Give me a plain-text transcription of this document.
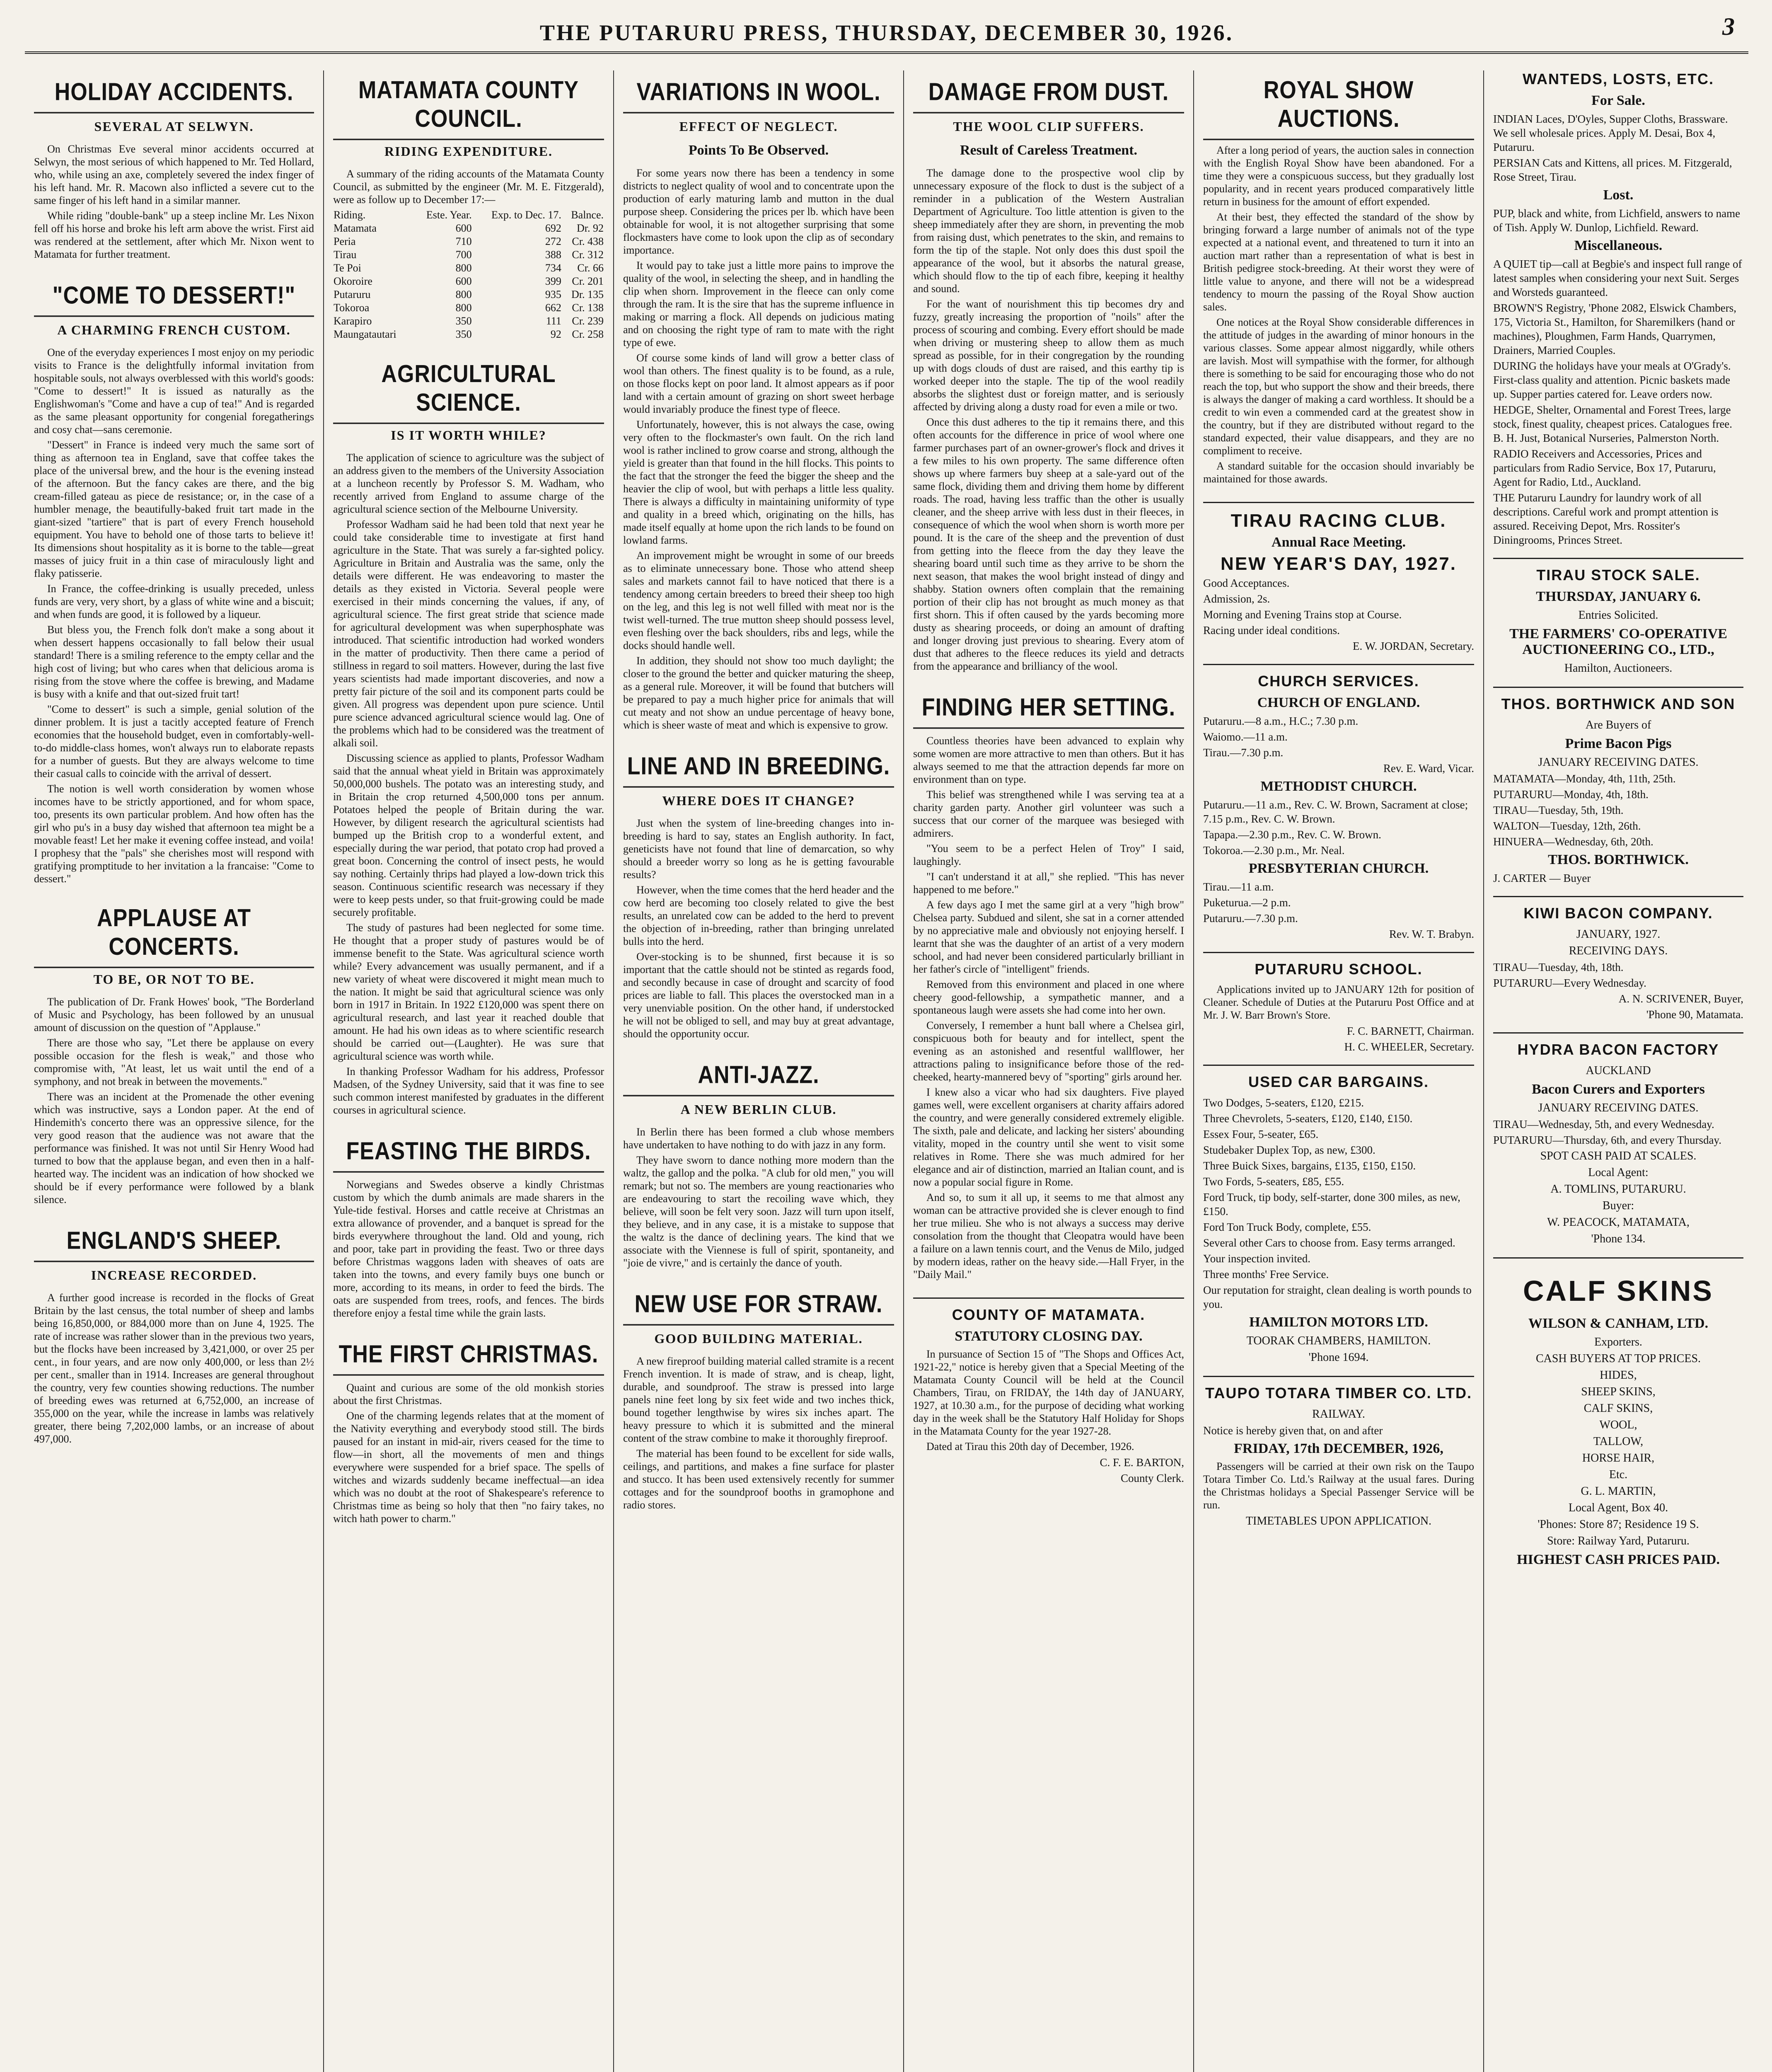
THE PUTARURU PRESS, THURSDAY, DECEMBER 30, 1926.	3
HOLIDAY ACCIDENTS.
SEVERAL AT SELWYN.

On Christmas Eve several minor accidents occurred at Selwyn, the most serious of which happened to Mr. Ted Hollard, who, while using an axe, completely severed the index finger of his left hand. Mr. R. Macown also inflicted a severe cut to the same finger of his left hand in a similar manner.

While riding "double-bank" up a steep incline Mr. Les Nixon fell off his horse and broke his left arm above the wrist. First aid was rendered at the settlement, after which Mr. Nixon went to Matamata for further treatment.

"COME TO DESSERT!"
A CHARMING FRENCH CUSTOM.

One of the everyday experiences I most enjoy on my periodic visits to France is the delightfully informal invitation from hospitable souls, not always overblessed with this world's goods: "Come to dessert!" It is issued as naturally as the Englishwoman's "Come and have a cup of tea!" And is regarded as the same pleasant opportunity for congenial foregatherings and cosy chat—sans ceremonie.

"Dessert" in France is indeed very much the same sort of thing as afternoon tea in England, save that coffee takes the place of the universal brew, and the hour is the evening instead of the afternoon. But the fancy cakes are there, and the big cream-filled gateau as piece de resistance; or, in the case of a humbler menage, the beautifully-baked fruit tart made in the giant-sized "tartiere" that is part of every French household equipment. You have to behold one of those tarts to believe it! Its dimensions shout hospitality as it is borne to the table—great masses of juicy fruit in a thin case of miraculously light and flaky patisserie.

In France, the coffee-drinking is usually preceded, unless funds are very, very short, by a glass of white wine and a biscuit; and when funds are good, it is followed by a liqueur.

But bless you, the French folk don't make a song about it when dessert happens occasionally to fall below their usual standard! There is a smiling reference to the empty cellar and the high cost of living; but who cares when that delicious aroma is rising from the stove where the coffee is brewing, and Madame is busy with a knife and that out-sized fruit tart!

"Come to dessert" is such a simple, genial solution of the dinner problem. It is just a tacitly accepted feature of French economies that the household budget, even in comfortably-well-to-do middle-class homes, won't always run to elaborate repasts for a number of guests. But they are always welcome to time their casual calls to coincide with the arrival of dessert.

The notion is well worth consideration by women whose incomes have to be strictly apportioned, and for whom space, too, presents its own particular problem. And how often has the girl who pu's in a busy day wished that afternoon tea might be a movable feast! Let her make it evening coffee instead, and voila! I prophesy that the "pals" she cherishes most will respond with gratifying promptitude to her invitation a la francaise: "Come to dessert."

APPLAUSE AT CONCERTS.
TO BE, OR NOT TO BE.

The publication of Dr. Frank Howes' book, "The Borderland of Music and Psychology, has been followed by an unusual amount of discussion on the question of "Applause."

There are those who say, "Let there be applause on every possible occasion for the flesh is weak," and those who compromise with, "At least, let us wait until the end of a symphony, and not break in between the movements."

There was an incident at the Promenade the other evening which was instructive, says a London paper. At the end of Hindemith's concerto there was an oppressive silence, for the very good reason that the audience was not aware that the performance was finished. It was not until Sir Henry Wood had turned to bow that the applause began, and even then in a half-hearted way. The incident was an indication of how shocked we should be if every performance were followed by a blank silence.

ENGLAND'S SHEEP.
INCREASE RECORDED.

A further good increase is recorded in the flocks of Great Britain by the last census, the total number of sheep and lambs being 16,850,000, or 884,000 more than on June 4, 1925. The rate of increase was rather slower than in the previous two years, but the flocks have been increased by 3,421,000, or over 25 per cent., in four years, and are now only 400,000, or less than 2½ per cent., smaller than in 1914. Increases are general throughout the country, very few counties showing reductions. The number of breeding ewes was returned at 6,752,000, an increase of 355,000 on the year, while the increase in lambs was relatively greater, there being 7,202,000 lambs, or an increase of about 497,000.

MATAMATA COUNTY COUNCIL.
RIDING EXPENDITURE.

A summary of the riding accounts of the Matamata County Council, as submitted by the engineer (Mr. M. E. Fitzgerald), were as follow up to December 17:—

Riding.	Este. Year.	Exp. to Dec. 17.	Balnce.
Matamata	600	692	Dr. 92
Peria	710	272	Cr. 438
Tirau	700	388	Cr. 312
Te Poi	800	734	Cr. 66
Okoroire	600	399	Cr. 201
Putaruru	800	935	Dr. 135
Tokoroa	800	662	Cr. 138
Karapiro	350	111	Cr. 239
Maungatautari	350	92	Cr. 258
AGRICULTURAL SCIENCE.
IS IT WORTH WHILE?

The application of science to agriculture was the subject of an address given to the members of the University Association at a luncheon recently by Professor S. M. Wadham, who recently arrived from England to assume charge of the agricultural science section of the Melbourne University.

Professor Wadham said he had been told that next year he could take considerable time to investigate at first hand agriculture in the State. That was surely a far-sighted policy. Agriculture in Britain and Australia was the same, only the details were different. He was endeavoring to master the details as they existed in Victoria. Several people were exercised in their minds concerning the values, if any, of agricultural science. The first great stride that science made for agricultural development was when superphosphate was introduced. That scientific introduction had worked wonders in the matter of productivity. Then there came a period of stillness in regard to soil matters. However, during the last five years scientists had made important discoveries, and now a pretty fair picture of the soil and its component parts could be given. All progress was dependent upon pure science. Until pure science advanced agricultural science would lag. One of the problems which had to be considered was the treatment of alkali soil.

Discussing science as applied to plants, Professor Wadham said that the annual wheat yield in Britain was approximately 50,000,000 bushels. The potato was an interesting study, and in Britain the crop returned 4,500,000 tons per annum. Potatoes helped the people of Britain during the war. However, by diligent research the agricultural scientists had bumped up the British crop to a wonderful extent, and especially during the war period, that potato crop had proved a great boon. Concerning the control of insect pests, he would say nothing. Certainly thrips had played a low-down trick this season. Continuous scientific research was necessary if they were to keep pests under, so that fruit-growing could be made securely profitable.

The study of pastures had been neglected for some time. He thought that a proper study of pastures would be of immense benefit to the State. Was agricultural science worth while? Every advancement was usually permanent, and if a new variety of wheat were discovered it might mean much to the nation. It might be said that agricultural science was only born in 1917 in Britain. In 1922 £120,000 was spent there on agricultural research, and last year it reached double that amount. He had his own ideas as to where scientific research should be carried out—(Laughter). He was sure that agricultural science was worth while.

In thanking Professor Wadham for his address, Professor Madsen, of the Sydney University, said that it was fine to see such common interest manifested by graduates in the different courses in agricultural science.

FEASTING THE BIRDS.

Norwegians and Swedes observe a kindly Christmas custom by which the dumb animals are made sharers in the Yule-tide festival. Horses and cattle receive at Christmas an extra allowance of provender, and a banquet is spread for the birds everywhere throughout the land. Old and young, rich and poor, take part in providing the feast. Two or three days before Christmas waggons laden with sheaves of oats are taken into the towns, and every family buys one bunch or more, according to its means, in order to feed the birds. The oats are suspended from trees, roofs, and fences. The birds therefore enjoy a festal time while the grain lasts.

THE FIRST CHRISTMAS.

Quaint and curious are some of the old monkish stories about the first Christmas.

One of the charming legends relates that at the moment of the Nativity everything and everybody stood still. The birds paused for an instant in mid-air, rivers ceased for the time to flow—in short, all the movements of men and things everywhere were suspended for a brief space. The spells of witches and wizards suddenly became ineffectual—an idea which was no doubt at the root of Shakespeare's reference to Christmas time as being so holy that then "no fairy takes, no witch hath power to charm."

VARIATIONS IN WOOL.
EFFECT OF NEGLECT.
Points To Be Observed.

For some years now there has been a tendency in some districts to neglect quality of wool and to concentrate upon the production of early maturing lamb and mutton in the dual purpose sheep. Considering the prices per lb. which have been obtainable for wool, it is not altogether surprising that some flockmasters have come to look upon the clip as of secondary importance.

It would pay to take just a little more pains to improve the quality of the wool, in selecting the sheep, and in handling the clip when shorn. Improvement in the fleece can only come through the ram. It is the sire that has the supreme influence in making or marring a flock. All depends on judicious mating and on choosing the right type of ram to mate with the right type of ewe.

Of course some kinds of land will grow a better class of wool than others. The finest quality is to be found, as a rule, on those flocks kept on poor land. It almost appears as if poor land with a certain amount of grazing on short sweet herbage would invariably produce the finest type of fleece.

Unfortunately, however, this is not always the case, owing very often to the flockmaster's own fault. On the rich land wool is rather inclined to grow coarse and strong, although the yield is greater than that found in the hill flocks. This points to the fact that the stronger the feed the bigger the sheep and the heavier the clip of wool, but with perhaps a little less quality. There is always a difficulty in maintaining uniformity of type and quality in a breed which, originating on the hills, has made itself equally at home upon the rich lands to be found on lowland farms.

An improvement might be wrought in some of our breeds as to eliminate unnecessary bone. Those who attend sheep sales and markets cannot fail to have noticed that there is a tendency among certain breeders to breed their sheep too high on the leg, and this leg is not well filled with meat nor is the twist well-turned. The true mutton sheep should possess level, even fleshing over the back shoulders, ribs and legs, while the docks should handle well.

In addition, they should not show too much daylight; the closer to the ground the better and quicker maturing the sheep, as a general rule. Moreover, it will be found that butchers will be prepared to pay a much higher price for animals that will cut meaty and not show an undue percentage of heavy bone, which is sheer waste of meat and which is expensive to grow.

LINE AND IN BREEDING.
WHERE DOES IT CHANGE?

Just when the system of line-breeding changes into in-breeding is hard to say, states an English authority. In fact, geneticists have not found that line of demarcation, so why should a breeder worry so long as he is getting favourable results?

However, when the time comes that the herd header and the cow herd are becoming too closely related to give the best results, an unrelated cow can be added to the herd to prevent the objection of in-breeding, rather than bringing unrelated bulls into the herd.

Over-stocking is to be shunned, first because it is so important that the cattle should not be stinted as regards food, and secondly because in case of drought and scarcity of food prices are liable to fall. This places the overstocked man in a very unenviable position. On the other hand, if understocked he will not be obliged to sell, and may buy at great advantage, should the opportunity occur.

ANTI-JAZZ.
A NEW BERLIN CLUB.

In Berlin there has been formed a club whose members have undertaken to have nothing to do with jazz in any form.

They have sworn to dance nothing more modern than the waltz, the gallop and the polka. "A club for old men," you will remark; but not so. The members are young reactionaries who are endeavouring to start the recoiling wave which, they believe, will soon be felt very soon. Jazz will turn upon itself, they believe, and in any case, it is a mistake to suppose that the waltz is the dance of declining years. The kind that we associate with the Viennese is full of spirit, spontaneity, and "joie de vivre," and is certainly the dance of youth.

NEW USE FOR STRAW.
GOOD BUILDING MATERIAL.

A new fireproof building material called stramite is a recent French invention. It is made of straw, and is cheap, light, durable, and soundproof. The straw is pressed into large panels nine feet long by six feet wide and two inches thick, bound together lengthwise by wires six inches apart. The heavy pressure to which it is submitted and the mineral content of the straw combine to make it thoroughly fireproof.

The material has been found to be excellent for side walls, ceilings, and partitions, and makes a fine surface for plaster and stucco. It has been used extensively recently for summer cottages and for the soundproof booths in gramophone and radio stores.

DAMAGE FROM DUST.
THE WOOL CLIP SUFFERS.
Result of Careless Treatment.

The damage done to the prospective wool clip by unnecessary exposure of the flock to dust is the subject of a reminder in a publication of the Western Australian Department of Agriculture. Too little attention is given to the sheep immediately after they are shorn, in preventing the mob from raising dust, which penetrates to the skin, and remains to form the tip of the staple. Not only does this dust spoil the appearance of the wool, but it absorbs the natural grease, which should flow to the tip of each fibre, keeping it healthy and sound.

For the want of nourishment this tip becomes dry and fuzzy, greatly increasing the proportion of "noils" after the process of scouring and combing. Every effort should be made when driving or mustering sheep to allow them as much spread as possible, for in their congregation by the rounding up with dogs clouds of dust are raised, and this earthy tip is worked deeper into the staple. The tip of the wool readily absorbs the slightest dust or foreign matter, and is seriously affected by driving along a dusty road for even a mile or two.

Once this dust adheres to the tip it remains there, and this often accounts for the difference in price of wool where one farmer purchases part of an owner-grower's flock and drives it a few miles to his own property. The same difference often shows up where farmers buy sheep at a sale-yard out of the same flock, dividing them and driving them home by different roads. The road, having less traffic than the other is usually cleaner, and the sheep arrive with less dust in their fleeces, in consequence of which the wool when shorn is worth more per pound. It is the care of the sheep and the prevention of dust from getting into the fleece from the day they leave the shearing board until such time as they arrive to be shorn the next season, that makes the wool bright instead of dingy and shabby. Station owners often complain that the remaining portion of their clip has not brought as much money as that first shorn. This if often caused by the yards becoming more dusty as shearing proceeds, or doing an amount of drafting and longer droving just previous to shearing. Every atom of dust that adheres to the fleece reduces its yield and detracts from the appearance and brilliancy of the wool.

FINDING HER SETTING.

Countless theories have been advanced to explain why some women are more attractive to men than others. But it has always seemed to me that the attraction depends far more on environment than on type.

This belief was strengthened while I was serving tea at a charity garden party. Another girl volunteer was such a success that our corner of the marquee was besieged with admirers.

"You seem to be a perfect Helen of Troy" I said, laughingly.

"I can't understand it at all," she replied. "This has never happened to me before."

A few days ago I met the same girl at a very "high brow" Chelsea party. Subdued and silent, she sat in a corner attended by no appreciative male and obviously not enjoying herself. I learnt that she was the daughter of an artist of a very modern school, and had never been considered particularly brilliant in her father's circle of "intelligent" friends.

Removed from this environment and placed in one where cheery good-fellowship, a sympathetic manner, and a spontaneous laugh were assets she had come into her own.

Conversely, I remember a hunt ball where a Chelsea girl, conspicuous both for beauty and for intellect, spent the evening as an astonished and resentful wallflower, her attractions paling to insignificance before those of the red-cheeked, hearty-mannered bevy of "sporting" girls around her.

I knew also a vicar who had six daughters. Five played games well, were excellent organisers at charity affairs adored the country, and were generally considered extremely eligible. The sixth, pale and delicate, and lacking her sisters' abounding vitality, moped in the country until she went to visit some relatives in Rome. There she was much admired for her elegance and air of distinction, married an Italian count, and is now a popular social figure in Rome.

And so, to sum it all up, it seems to me that almost any woman can be attractive provided she is clever enough to find her true milieu. She who is not always a success may derive consolation from the thought that Cleopatra would have been a failure on a lawn tennis court, and the Venus de Milo, judged by modern ideas, rather on the heavy side.—Hall Fryer, in the "Daily Mail."

COUNTY OF MATAMATA.
STATUTORY CLOSING DAY.

In pursuance of Section 15 of "The Shops and Offices Act, 1921-22," notice is hereby given that a Special Meeting of the Matamata County Council will be held at the Council Chambers, Tirau, on FRIDAY, the 14th day of JANUARY, 1927, at 10.30 a.m., for the purpose of deciding what working day in the week shall be the Statutory Half Holiday for Shops in the Matamata County for the year 1927-28.

Dated at Tirau this 20th day of December, 1926.

C. F. E. BARTON,
County Clerk.
ROYAL SHOW AUCTIONS.

After a long period of years, the auction sales in connection with the English Royal Show have been abandoned. For a time they were a conspicuous success, but they gradually lost popularity, and in recent years produced comparatively little return in business for the amount of effort expended.

At their best, they effected the standard of the show by bringing forward a large number of animals not of the type expected at a national event, and threatened to turn it into an auction mart rather than a representation of what is best in British pedigree stock-breeding. At their worst they were of little value to anyone, and there will not be a widespread tendency to mourn the passing of the Royal Show auction sales.

One notices at the Royal Show considerable differences in the attitude of judges in the awarding of minor honours in the various classes. Some appear almost niggardly, while others are lavish. Most will sympathise with the former, for although there is something to be said for encouraging those who do not reach the top, but who support the show and their breeds, there is always the danger of making a card worthless. It should be a credit to win even a commended card at the greatest show in the country, but if they are distributed without regard to the standard expected, their value disappears, and they are no compliment to receive.

A standard suitable for the occasion should invariably be maintained for those awards.

TIRAU RACING CLUB.
Annual Race Meeting.
NEW YEAR'S DAY, 1927.
Good Acceptances.
Admission, 2s.
Morning and Evening Trains stop at Course.
Racing under ideal conditions.
E. W. JORDAN, Secretary.
CHURCH SERVICES.
CHURCH OF ENGLAND.
Putaruru.—8 a.m., H.C.; 7.30 p.m.
Waiomo.—11 a.m.
Tirau.—7.30 p.m.
Rev. E. Ward, Vicar.
METHODIST CHURCH.
Putaruru.—11 a.m., Rev. C. W. Brown, Sacrament at close; 7.15 p.m., Rev. C. W. Brown.
Tapapa.—2.30 p.m., Rev. C. W. Brown.
Tokoroa.—2.30 p.m., Mr. Neal.
PRESBYTERIAN CHURCH.
Tirau.—11 a.m.
Puketurua.—2 p.m.
Putaruru.—7.30 p.m.
Rev. W. T. Brabyn.
PUTARURU SCHOOL.

Applications invited up to JANUARY 12th for position of Cleaner. Schedule of Duties at the Putaruru Post Office and at Mr. J. W. Barr Brown's Store.

F. C. BARNETT, Chairman.
H. C. WHEELER, Secretary.
USED CAR BARGAINS.
Two Dodges, 5-seaters, £120, £215.
Three Chevrolets, 5-seaters, £120, £140, £150.
Essex Four, 5-seater, £65.
Studebaker Duplex Top, as new, £300.
Three Buick Sixes, bargains, £135, £150, £150.
Two Fords, 5-seaters, £85, £55.
Ford Truck, tip body, self-starter, done 300 miles, as new, £150.
Ford Ton Truck Body, complete, £55.
Several other Cars to choose from. Easy terms arranged.
Your inspection invited.
Three months' Free Service.
Our reputation for straight, clean dealing is worth pounds to you.
HAMILTON MOTORS LTD.
TOORAK CHAMBERS, HAMILTON.
'Phone 1694.
TAUPO TOTARA TIMBER CO. LTD.
RAILWAY.
Notice is hereby given that, on and after
FRIDAY, 17th DECEMBER, 1926,

Passengers will be carried at their own risk on the Taupo Totara Timber Co. Ltd.'s Railway at the usual fares. During the Christmas holidays a Special Passenger Service will be run.

TIMETABLES UPON APPLICATION.
WANTEDS, LOSTS, ETC.
For Sale.
INDIAN Laces, D'Oyles, Supper Cloths, Brassware. We sell wholesale prices. Apply M. Desai, Box 4, Putaruru.
PERSIAN Cats and Kittens, all prices. M. Fitzgerald, Rose Street, Tirau.
Lost.
PUP, black and white, from Lichfield, answers to name of Tish. Apply W. Dunlop, Lichfield. Reward.
Miscellaneous.
A QUIET tip—call at Begbie's and inspect full range of latest samples when considering your next Suit. Serges and Worsteds guaranteed.
BROWN'S Registry, 'Phone 2082, Elswick Chambers, 175, Victoria St., Hamilton, for Sharemilkers (hand or machines), Ploughmen, Farm Hands, Quarrymen, Drainers, Married Couples.
DURING the holidays have your meals at O'Grady's. First-class quality and attention. Picnic baskets made up. Supper parties catered for. Leave orders now.
HEDGE, Shelter, Ornamental and Forest Trees, large stock, finest quality, cheapest prices. Catalogues free. B. H. Just, Botanical Nurseries, Palmerston North.
RADIO Receivers and Accessories, Prices and particulars from Radio Service, Box 17, Putaruru, Agent for Radio, Ltd., Auckland.
THE Putaruru Laundry for laundry work of all descriptions. Careful work and prompt attention is assured. Receiving Depot, Mrs. Rossiter's Diningrooms, Princes Street.
TIRAU STOCK SALE.
THURSDAY, JANUARY 6.
Entries Solicited.
THE FARMERS' CO-OPERATIVE AUCTIONEERING CO., LTD.,
Hamilton, Auctioneers.
THOS. BORTHWICK AND SON
Are Buyers of
Prime Bacon Pigs
JANUARY RECEIVING DATES.
MATAMATA—Monday, 4th, 11th, 25th.
PUTARURU—Monday, 4th, 18th.
TIRAU—Tuesday, 5th, 19th.
WALTON—Tuesday, 12th, 26th.
HINUERA—Wednesday, 6th, 20th.
THOS. BORTHWICK.
J. CARTER — Buyer
KIWI BACON COMPANY.
JANUARY, 1927.
RECEIVING DAYS.
TIRAU—Tuesday, 4th, 18th.
PUTARURU—Every Wednesday.
A. N. SCRIVENER, Buyer,
'Phone 90, Matamata.
HYDRA BACON FACTORY
AUCKLAND
Bacon Curers and Exporters
JANUARY RECEIVING DATES.
TIRAU—Wednesday, 5th, and every Wednesday.
PUTARURU—Thursday, 6th, and every Thursday.
SPOT CASH PAID AT SCALES.
Local Agent:
A. TOMLINS, PUTARURU.
Buyer:
W. PEACOCK, MATAMATA,
'Phone 134.
CALF SKINS
WILSON & CANHAM, LTD.
Exporters.
CASH BUYERS AT TOP PRICES.
HIDES,
SHEEP SKINS,
CALF SKINS,
WOOL,
TALLOW,
HORSE HAIR,
Etc.
G. L. MARTIN,
Local Agent, Box 40.
'Phones: Store 87; Residence 19 S.
Store: Railway Yard, Putaruru.
HIGHEST CASH PRICES PAID.
